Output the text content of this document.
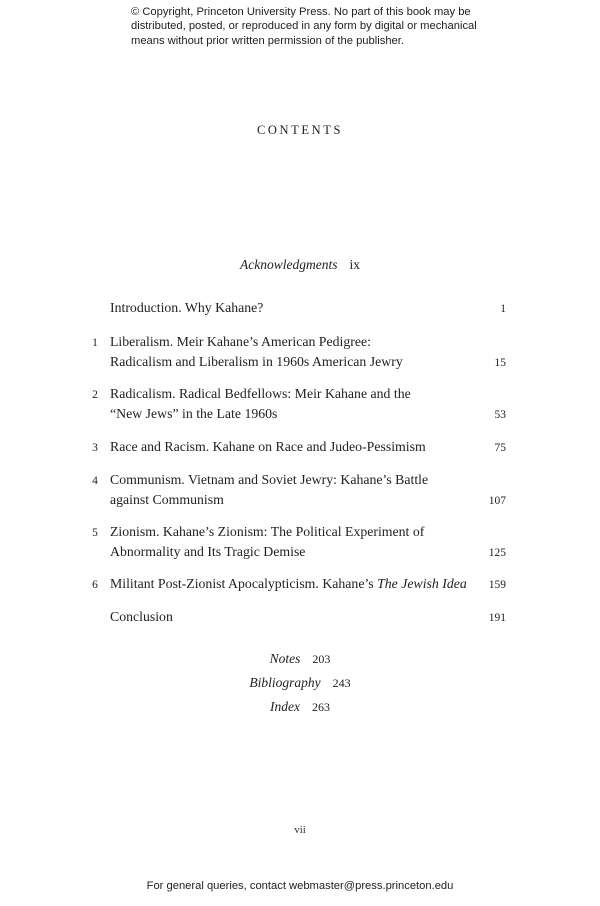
© Copyright, Princeton University Press. No part of this book may be
distributed, posted, or reproduced in any form by digital or mechanical
means without prior written permission of the publisher.
CONTENTS
Acknowledgments ix
Introduction. Why Kahane?	1
1 Liberalism. Meir Kahane’s American Pedigree:
Radicalism and Liberalism in 1960s American Jewry	15
2 Radicalism. Radical Bedfellows: Meir Kahane and the
“New Jews” in the Late 1960s	53
3 Race and Racism. Kahane on Race and Judeo-Pessimism	75
4 Communism. Vietnam and Soviet Jewry: Kahane’s Battle
against Communism	107
5 Zionism. Kahane’s Zionism: The Political Experiment of
Abnormality and Its Tragic Demise	125
6 Militant Post-Zionist Apocalypticism. Kahane’s The Jewish Idea 159
Conclusion	191
Notes 203
Bibliography 243
Index 263
vii
For general queries, contact webmaster@press.princeton.edu
